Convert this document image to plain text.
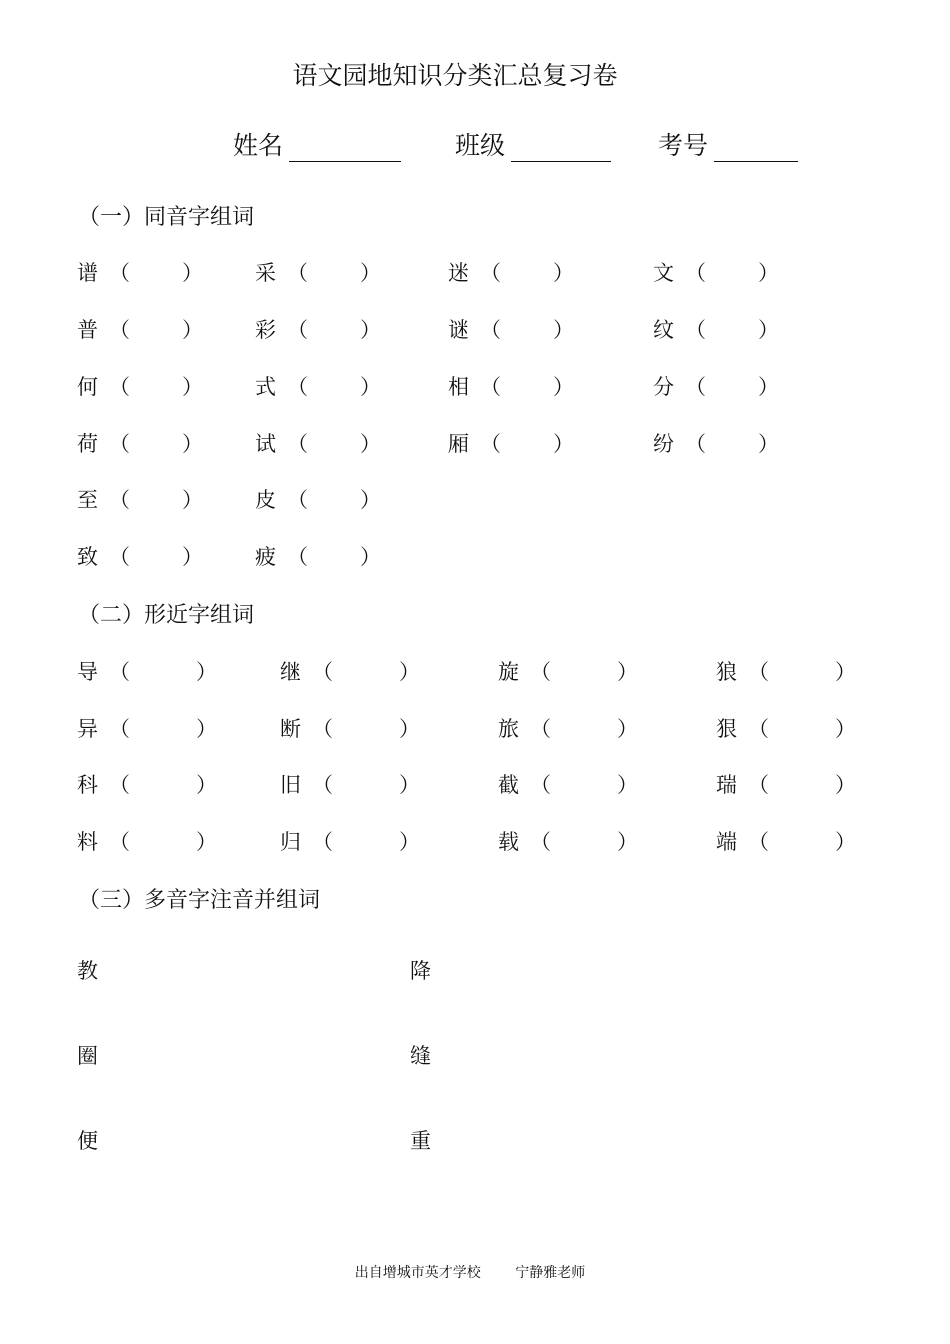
语文园地知识分类汇总复习卷
姓名	班级	考号
（一）同音字组词
谱 （ ） 采 （ ）	迷 （ ）	文 （ ）
普 （ ） 彩 （ ）	谜 （ ）	纹 （ ）
何 （ ） 式 （ ）	相 （ ）	分 （ ）
荷 （ ） 试 （ ）	厢 （ ）	纷 （ ）
至 （ ） 皮 （ ）
致 （ ） 疲 （ ）
（二）形近字组词
导 （	）	继 （	）	旋 （	）	狼 （	）
异 （	）	断 （	）	旅 （	）	狠 （	）
科 （	）	旧 （	）	截 （	）	瑞 （	）
料 （	）	归 （	）	载 （	）	端 （	）
（三）多音字注音并组词
教	降
圈	缝
便	重
出自增城市英才学校 宁静雅老师
